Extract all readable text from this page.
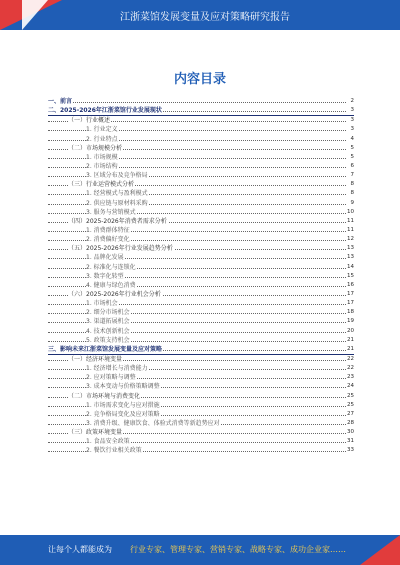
江浙菜馆发展变量及应对策略研究报告
内容目录
一、前言	2
二、2025-2026年江浙菜馆行业发展现状	3
（一）行业概述	3
1. 行业定义	3
2. 行业特点	4
（二）市场规模分析	5
1. 市场规模	5
2. 市场结构	6
3. 区域分布及竞争格局	7
（三）行业运营模式分析	8
1. 经营模式与盈利模式	8
2. 供应链与原材料采购	9
3. 服务与营销模式	10
（四）2025-2026年消费者需求分析	11
1. 消费群体特征	11
2. 消费偏好变化	12
（五）2025-2026年行业发展趋势分析	13
1. 品牌化发展	13
2. 标准化与连锁化	14
3. 数字化转型	15
4. 健康与绿色消费	16
（六）2025-2026年行业机会分析	17
1. 市场机会	17
2. 细分市场机会	18
3. 渠道拓展机会	19
4. 技术创新机会	20
5. 政策支持机会	21
三、影响未来江浙菜馆发展变量及应对策略	21
（一）经济环境变量	22
1. 经济增长与消费能力	22
2. 应对策略与调整	23
3. 成本变动与价格策略调整	24
（二）市场环境与消费变化	25
1. 市场需求变化与应对措施	25
2. 竞争格局变化及应对策略	27
3. 消费升级、健康饮食、体验式消费等新趋势应对	28
（三）政策环境变量	30
1. 食品安全政策	31
2. 餐饮行业相关政策	33
让每个人都能成为 行业专家、管理专家、营销专家、战略专家、成功企业家……
